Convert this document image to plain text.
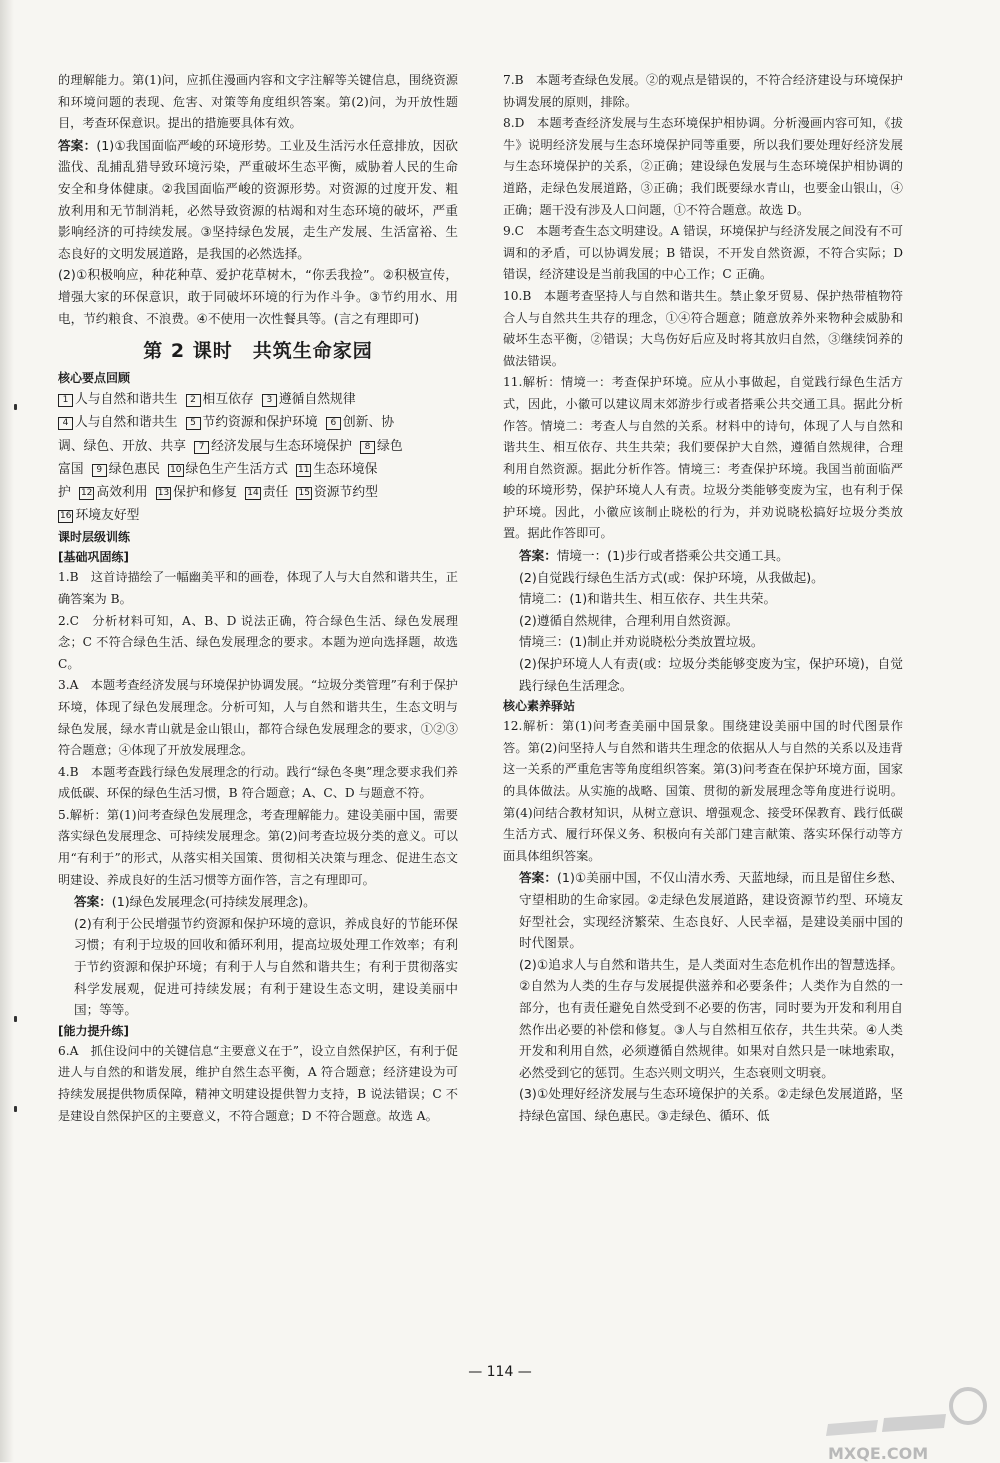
的理解能力。第(1)问，应抓住漫画内容和文字注解等关键信息，围绕资源和环境问题的表现、危害、对策等角度组织答案。第(2)问，为开放性题目，考查环保意识。提出的措施要具体有效。

答案：(1)①我国面临严峻的环境形势。工业及生活污水任意排放，因砍滥伐、乱捕乱猎导致环境污染，严重破坏生态平衡，威胁着人民的生命安全和身体健康。②我国面临严峻的资源形势。对资源的过度开发、粗放利用和无节制消耗，必然导致资源的枯竭和对生态环境的破坏，严重影响经济的可持续发展。③坚持绿色发展，走生产发展、生活富裕、生态良好的文明发展道路，是我国的必然选择。

(2)①积极响应，种花种草、爱护花草树木，“你丢我捡”。②积极宣传，增强大家的环保意识，敢于同破坏环境的行为作斗争。③节约用水、用电，节约粮食、不浪费。④不使用一次性餐具等。(言之有理即可)

第 2 课时　共筑生命家园
核心要点回顾

1 人与自然和谐共生 2 相互依存 3 遵循自然规律

4 人与自然和谐共生 5 节约资源和保护环境 6 创新、协

调、绿色、开放、共享 7 经济发展与生态环境保护 8 绿色

富国 9 绿色惠民 10 绿色生产生活方式 11 生态环境保

护 12 高效利用 13 保护和修复 14 责任 15 资源节约型

16 环境友好型

课时层级训练
[基础巩固练]

1.B　这首诗描绘了一幅幽美平和的画卷，体现了人与大自然和谐共生，正确答案为 B。

2.C　分析材料可知，A、B、D 说法正确，符合绿色生活、绿色发展理念；C 不符合绿色生活、绿色发展理念的要求。本题为逆向选择题，故选 C。

3.A　本题考查经济发展与环境保护协调发展。“垃圾分类管理”有利于保护环境，体现了绿色发展理念。分析可知，人与自然和谐共生，生态文明与绿色发展，绿水青山就是金山银山，都符合绿色发展理念的要求，①②③符合题意；④体现了开放发展理念。

4.B　本题考查践行绿色发展理念的行动。践行“绿色冬奥”理念要求我们养成低碳、环保的绿色生活习惯，B 符合题意；A、C、D 与题意不符。

5.解析：第(1)问考查绿色发展理念，考查理解能力。建设美丽中国，需要落实绿色发展理念、可持续发展理念。第(2)问考查垃圾分类的意义。可以用“有利于”的形式，从落实相关国策、贯彻相关决策与理念、促进生态文明建设、养成良好的生活习惯等方面作答，言之有理即可。

答案：(1)绿色发展理念(可持续发展理念)。

(2)有利于公民增强节约资源和保护环境的意识，养成良好的节能环保习惯；有利于垃圾的回收和循环利用，提高垃圾处理工作效率；有利于节约资源和保护环境；有利于人与自然和谐共生；有利于贯彻落实科学发展观，促进可持续发展；有利于建设生态文明，建设美丽中国；等等。

[能力提升练]

6.A　抓住设问中的关键信息“主要意义在于”，设立自然保护区，有利于促进人与自然的和谐发展，维护自然生态平衡，A 符合题意；经济建设为可持续发展提供物质保障，精神文明建设提供智力支持，B 说法错误；C 不是建设自然保护区的主要意义，不符合题意；D 不符合题意。故选 A。

7.B　本题考查绿色发展。②的观点是错误的，不符合经济建设与环境保护协调发展的原则，排除。

8.D　本题考查经济发展与生态环境保护相协调。分析漫画内容可知，《拔牛》说明经济发展与生态环境保护同等重要，所以我们要处理好经济发展与生态环境保护的关系，②正确；建设绿色发展与生态环境保护相协调的道路，走绿色发展道路，③正确；我们既要绿水青山，也要金山银山，④正确；题干没有涉及人口问题，①不符合题意。故选 D。

9.C　本题考查生态文明建设。A 错误，环境保护与经济发展之间没有不可调和的矛盾，可以协调发展；B 错误，不开发自然资源，不符合实际；D 错误，经济建设是当前我国的中心工作；C 正确。

10.B　本题考查坚持人与自然和谐共生。禁止象牙贸易、保护热带植物符合人与自然共生共存的理念，①④符合题意；随意放养外来物种会威胁和破坏生态平衡，②错误；大鸟伤好后应及时将其放归自然，③继续饲养的做法错误。

11.解析：情境一：考查保护环境。应从小事做起，自觉践行绿色生活方式，因此，小徽可以建议周末郊游步行或者搭乘公共交通工具。据此分析作答。情境二：考查人与自然的关系。材料中的诗句，体现了人与自然和谐共生、相互依存、共生共荣；我们要保护大自然，遵循自然规律，合理利用自然资源。据此分析作答。情境三：考查保护环境。我国当前面临严峻的环境形势，保护环境人人有责。垃圾分类能够变废为宝，也有利于保护环境。因此，小徽应该制止晓松的行为，并劝说晓松搞好垃圾分类放置。据此作答即可。

答案：情境一：(1)步行或者搭乘公共交通工具。

(2)自觉践行绿色生活方式(或：保护环境，从我做起)。

情境二：(1)和谐共生、相互依存、共生共荣。

(2)遵循自然规律，合理利用自然资源。

情境三：(1)制止并劝说晓松分类放置垃圾。

(2)保护环境人人有责(或：垃圾分类能够变废为宝，保护环境)，自觉践行绿色生活理念。

核心素养驿站

12.解析：第(1)问考查美丽中国景象。围绕建设美丽中国的时代图景作答。第(2)问坚持人与自然和谐共生理念的依据从人与自然的关系以及违背这一关系的严重危害等角度组织答案。第(3)问考查在保护环境方面，国家的具体做法。从实施的战略、国策、贯彻的新发展理念等角度进行说明。第(4)问结合教材知识，从树立意识、增强观念、接受环保教育、践行低碳生活方式、履行环保义务、积极向有关部门建言献策、落实环保行动等方面具体组织答案。

答案：(1)①美丽中国，不仅山清水秀、天蓝地绿，而且是留住乡愁、守望相助的生命家园。②走绿色发展道路，建设资源节约型、环境友好型社会，实现经济繁荣、生态良好、人民幸福，是建设美丽中国的时代图景。

(2)①追求人与自然和谐共生，是人类面对生态危机作出的智慧选择。②自然为人类的生存与发展提供滋养和必要条件；人类作为自然的一部分，也有责任避免自然受到不必要的伤害，同时要为开发和利用自然作出必要的补偿和修复。③人与自然相互依存，共生共荣。④人类开发和利用自然，必须遵循自然规律。如果对自然只是一味地索取，必然受到它的惩罚。生态兴则文明兴，生态衰则文明衰。

(3)①处理好经济发展与生态环境保护的关系。②走绿色发展道路，坚持绿色富国、绿色惠民。③走绿色、循环、低

— 114 —
MXQE.COM
